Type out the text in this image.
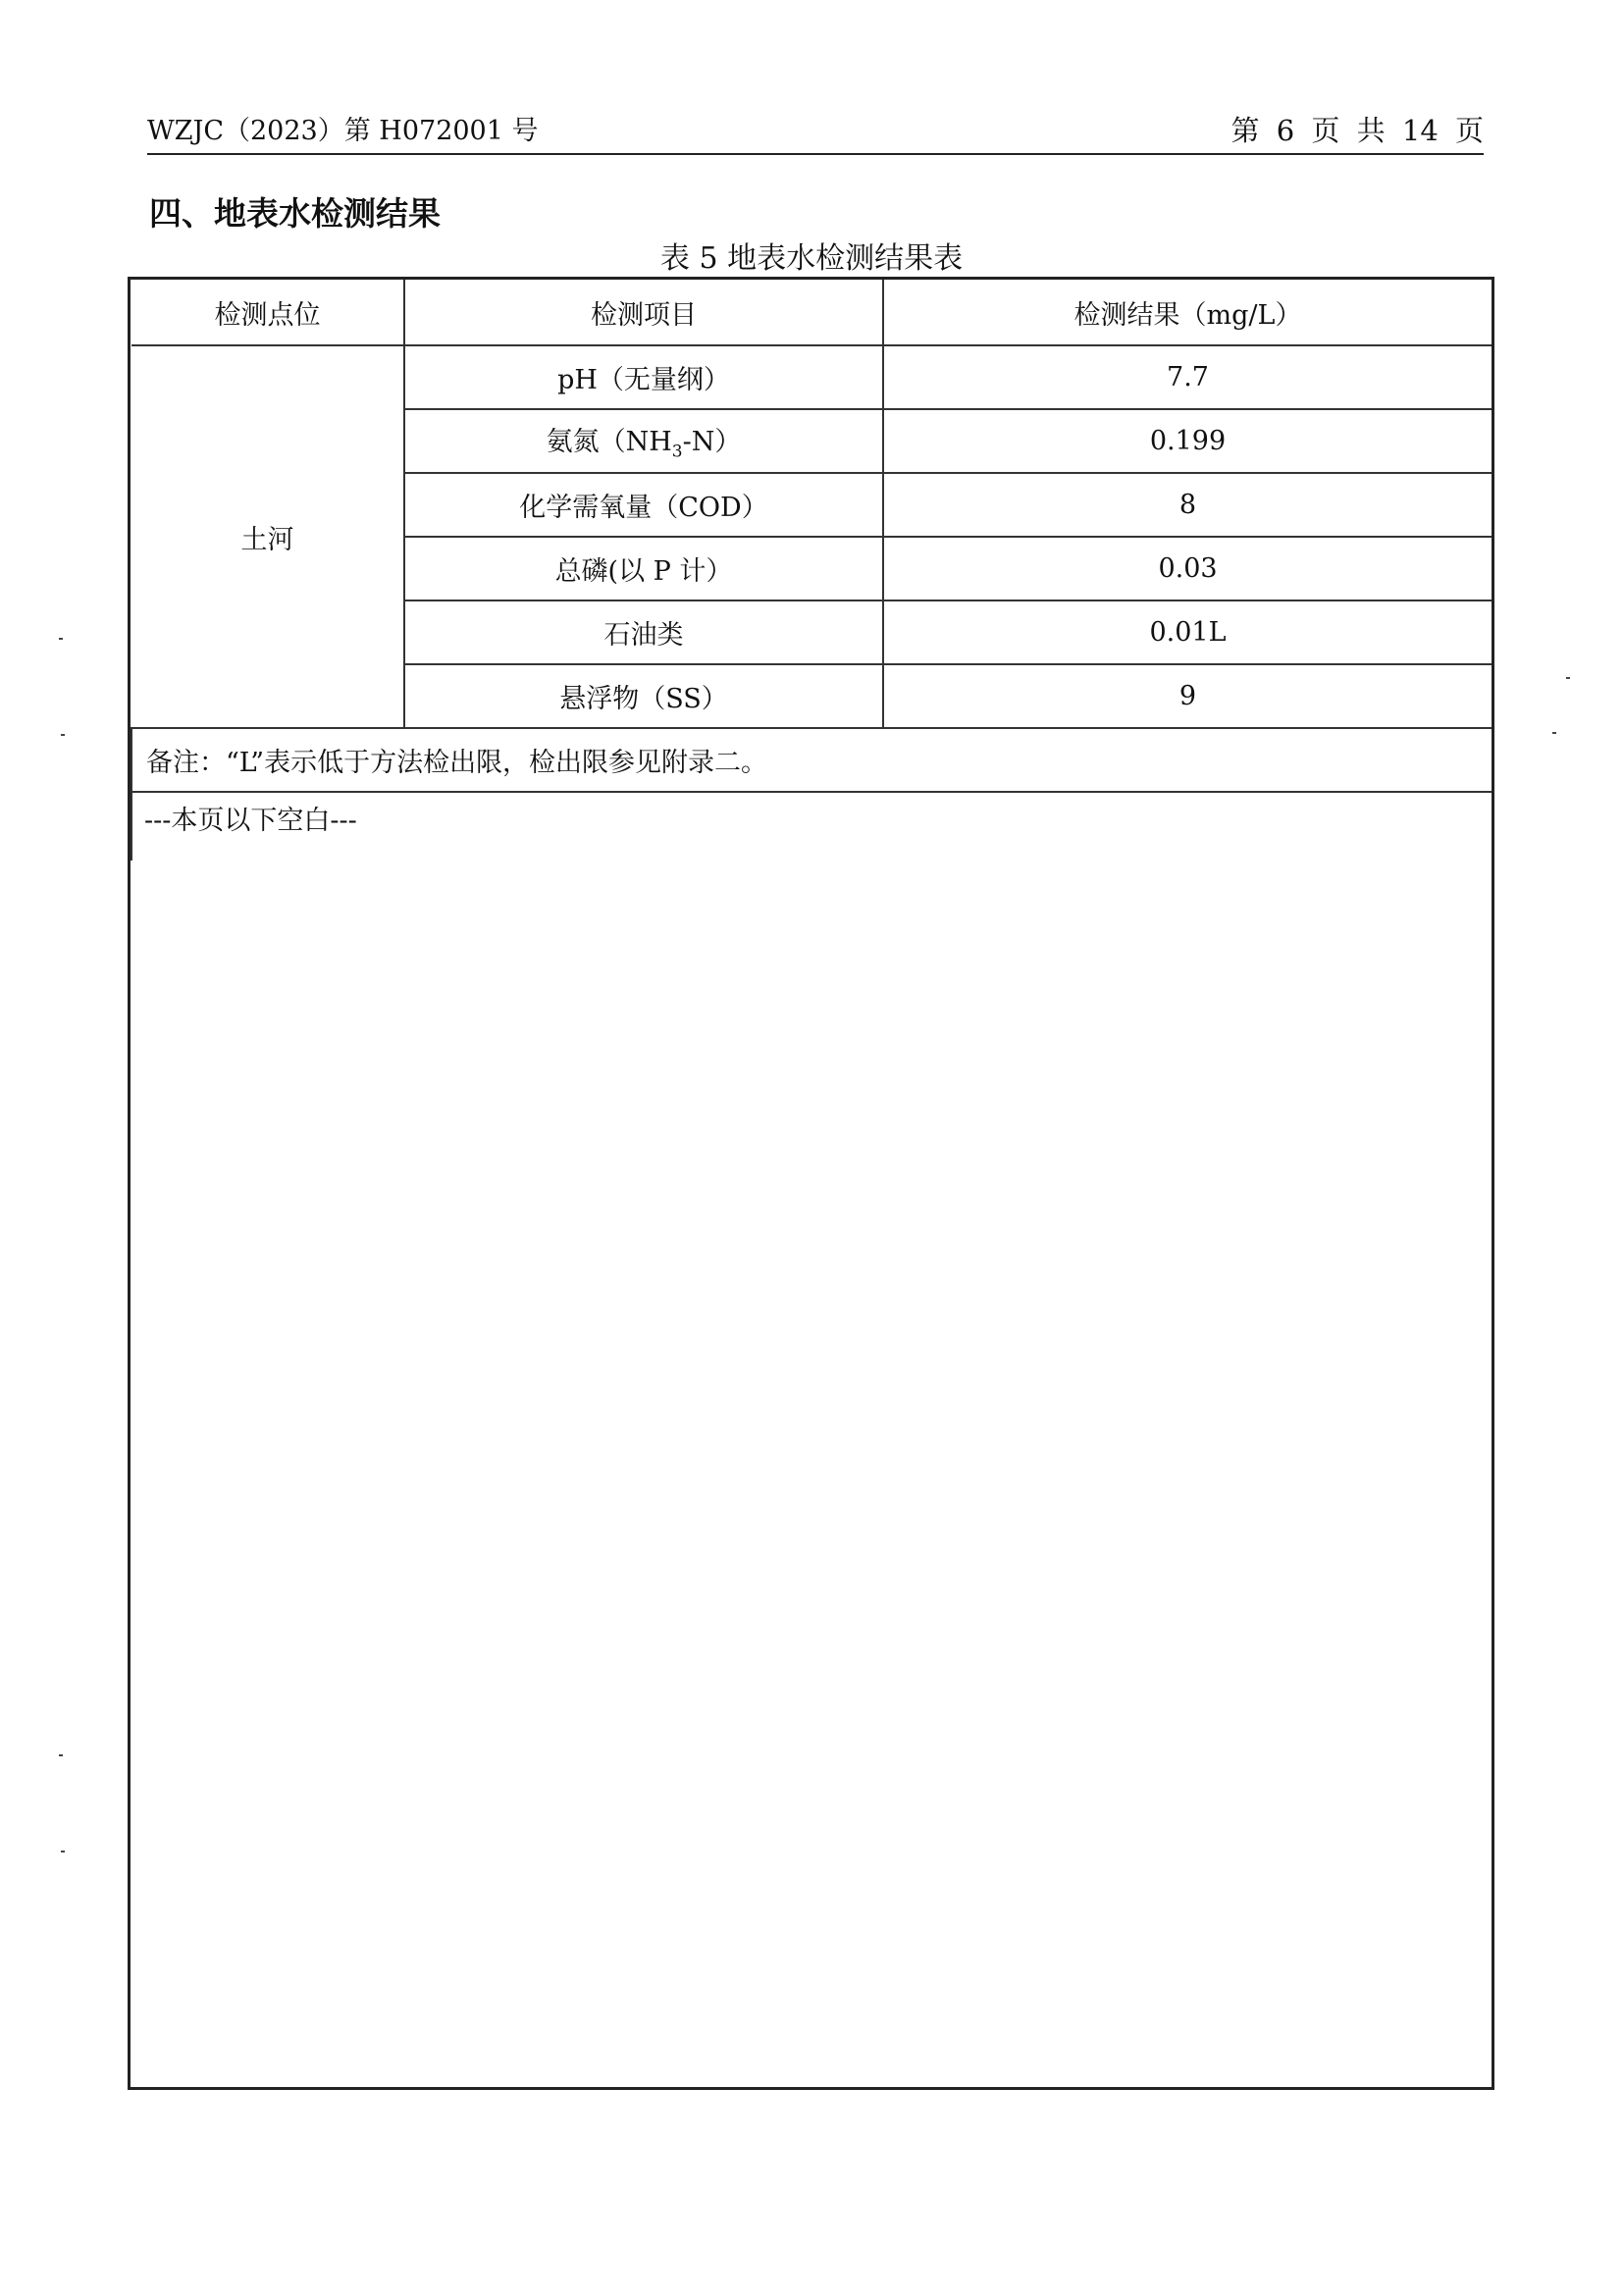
WZJC（2023）第 H072001 号	第 6 页 共 14 页
四、地表水检测结果
表 5 地表水检测结果表
检测点位	检测项目	检测结果（mg/L）
土河	pH（无量纲）	7.7
	氨氮$(NH_3-N)$	0.199
	化学需氧量（COD）	8
	总磷(以 P 计）	0.03
	石油类	0.01L
	悬浮物（SS）	9
备注：“L”表示低于方法检出限，检出限参见附录二。		
---本页以下空白---		
